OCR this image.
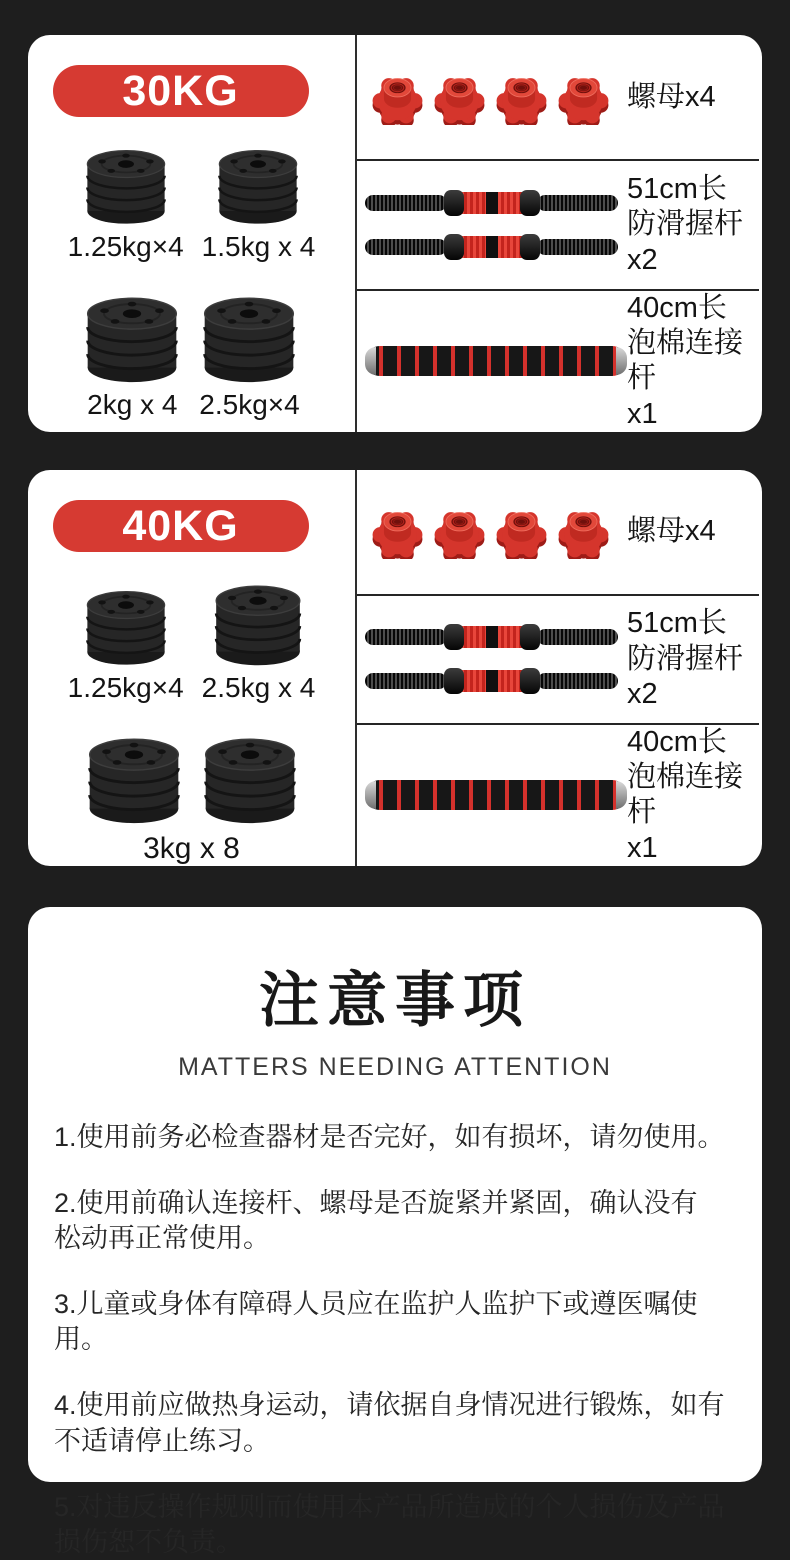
30KG
1.25kg×4 1.5kg x 4
2kg x 4 2.5kg×4
螺母x4
51cm长
防滑握杆
x2
40cm长
泡棉连接杆
x1
40KG
1.25kg×4 2.5kg x 4
3kg x 8
螺母x4
51cm长
防滑握杆
x2
40cm长
泡棉连接杆
x1
注意事项
MATTERS NEEDING ATTENTION
1.使用前务必检查器材是否完好，如有损坏，请勿使用。
2.使用前确认连接杆、螺母是否旋紧并紧固，确认没有
松动再正常使用。
3.儿童或身体有障碍人员应在监护人监护下或遵医嘱使用。
4.使用前应做热身运动，请依据自身情况进行锻炼，如有
不适请停止练习。
5.对违反操作规则而使用本产品所造成的个人损伤及产品
损伤恕不负责。
